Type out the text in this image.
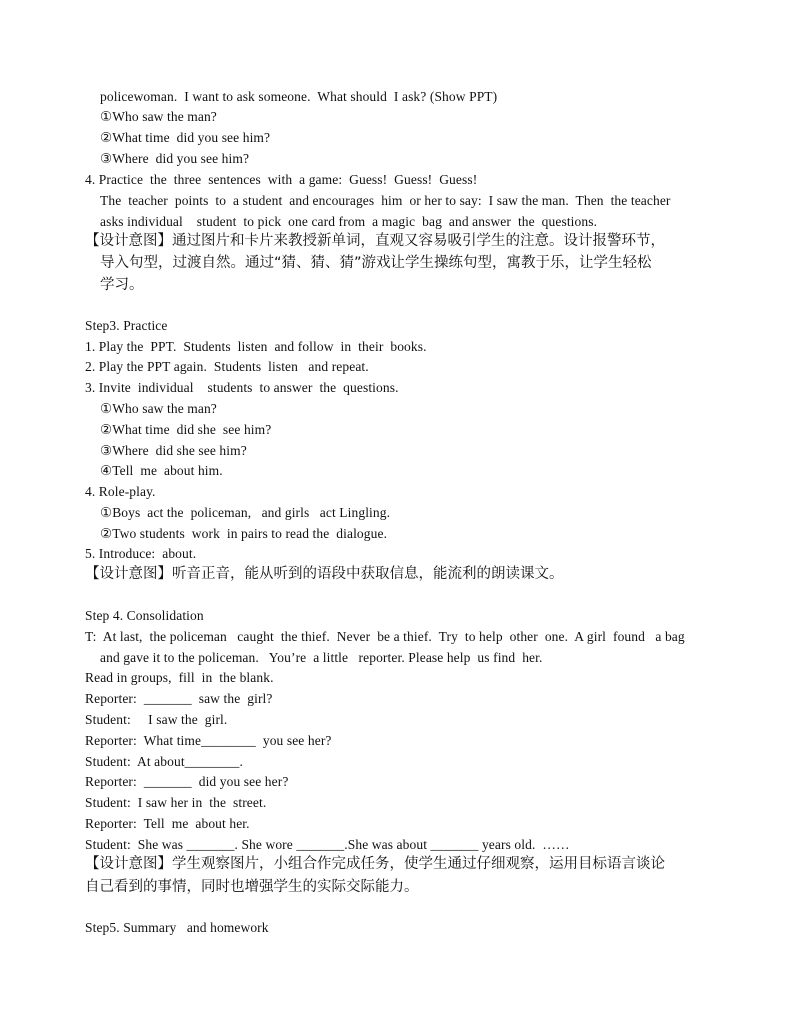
policewoman.  I want to ask someone.  What should  I ask? (Show PPT)
①Who saw the man?
②What time  did you see him?
③Where  did you see him?
4. Practice  the  three  sentences  with  a game:  Guess!  Guess!  Guess!
The  teacher  points  to  a student  and encourages  him  or her to say:  I saw the man.  Then  the teacher
asks individual    student  to pick  one card from  a magic  bag  and answer  the  questions.
【设计意图】通过图片和卡片来教授新单词，直观又容易吸引学生的注意。设计报警环节，
导入句型，过渡自然。通过“猜、猜、猜”游戏让学生操练句型，寓教于乐，让学生轻松
学习。
Step3. Practice
1. Play the  PPT.  Students  listen  and follow  in  their  books.
2. Play the PPT again.  Students  listen   and repeat.
3. Invite  individual    students  to answer  the  questions.
①Who saw the man?
②What time  did she  see him?
③Where  did she see him?
④Tell  me  about him.
4. Role-play.
①Boys  act the  policeman,   and girls   act Lingling.
②Two students  work  in pairs to read the  dialogue.
5. Introduce:  about.
【设计意图】听音正音，能从听到的语段中获取信息，能流利的朗读课文。
Step 4. Consolidation
T:  At last,  the policeman   caught  the thief.  Never  be a thief.  Try  to help  other  one.  A girl  found   a bag
and gave it to the policeman.   You’re  a little   reporter. Please help  us find  her.
Read in groups,  fill  in  the blank.
Reporter:  _______  saw the  girl?
Student:     I saw the  girl.
Reporter:  What time________  you see her?
Student:  At about________.
Reporter:  _______  did you see her?
Student:  I saw her in  the  street.
Reporter:  Tell  me  about her.
Student:  She was _______. She wore _______.She was about _______ years old.  ……
【设计意图】学生观察图片，小组合作完成任务，使学生通过仔细观察，运用目标语言谈论
自己看到的事情，同时也增强学生的实际交际能力。
Step5. Summary   and homework
